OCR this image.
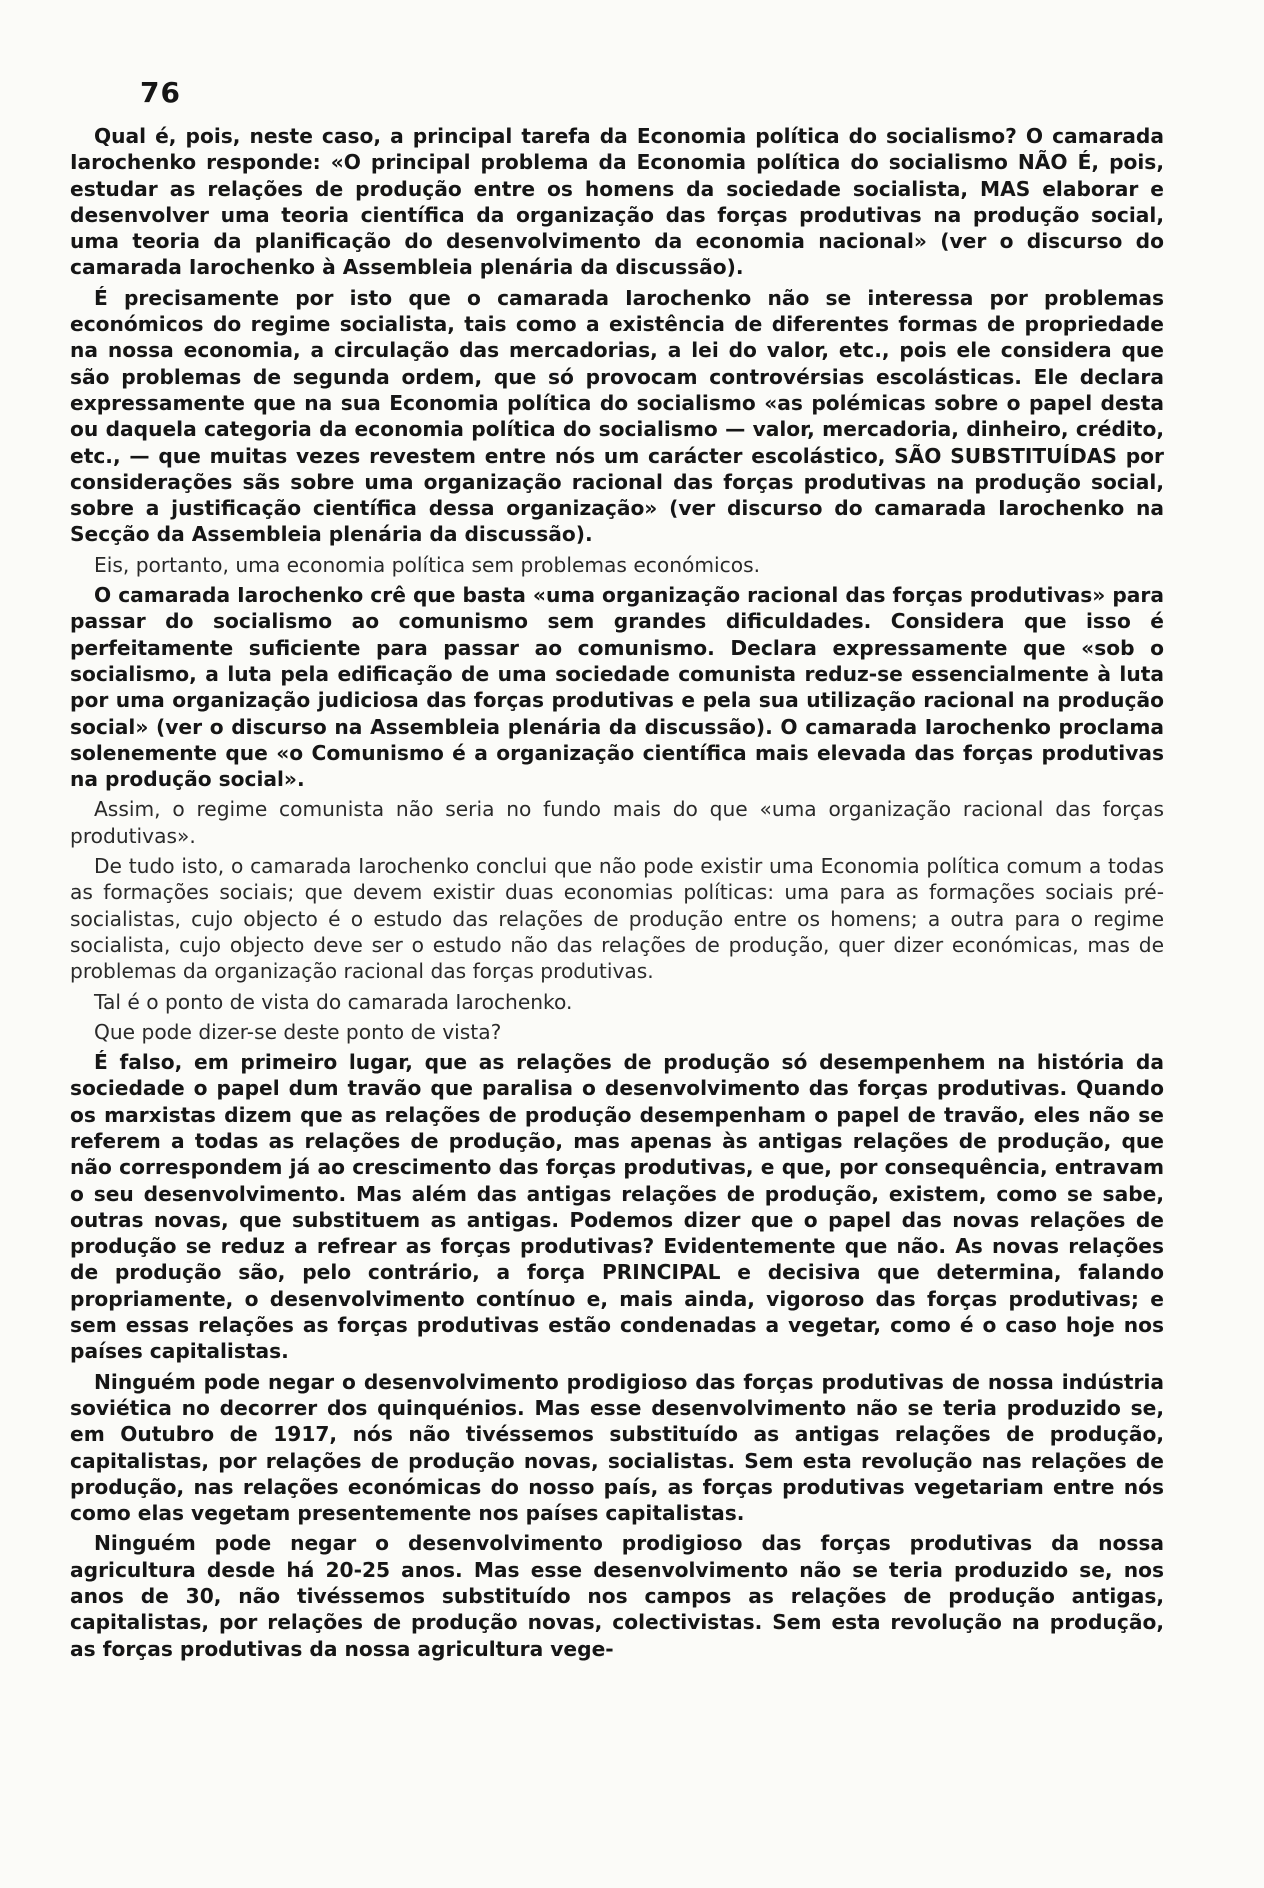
76

Qual é, pois, neste caso, a principal tarefa da Economia política do socialismo? O camarada Iarochenko responde: «O principal problema da Economia política do socialismo NÃO É, pois, estudar as relações de produção entre os homens da sociedade socialista, MAS elaborar e desenvolver uma teoria científica da organização das forças produtivas na produção social, uma teoria da planificação do desenvolvimento da economia nacional» (ver o discurso do camarada Iarochenko à Assembleia plenária da discussão).

É precisamente por isto que o camarada Iarochenko não se interessa por problemas económicos do regime socialista, tais como a existência de diferentes formas de propriedade na nossa economia, a circulação das mercadorias, a lei do valor, etc., pois ele considera que são problemas de segunda ordem, que só provocam controvérsias escolásticas. Ele declara expressamente que na sua Economia política do socialismo «as polémicas sobre o papel desta ou daquela categoria da economia política do socialismo — valor, mercadoria, dinheiro, crédito, etc., — que muitas vezes revestem entre nós um carácter escolástico, SÃO SUBSTITUÍDAS por considerações sãs sobre uma organização racional das forças produtivas na produção social, sobre a justificação científica dessa organização» (ver discurso do camarada Iarochenko na Secção da Assembleia plenária da discussão).

Eis, portanto, uma economia política sem problemas económicos.

O camarada Iarochenko crê que basta «uma organização racional das forças produtivas» para passar do socialismo ao comunismo sem grandes dificuldades. Considera que isso é perfeitamente suficiente para passar ao comunismo. Declara expressamente que «sob o socialismo, a luta pela edificação de uma sociedade comunista reduz-se essencialmente à luta por uma organização judiciosa das forças produtivas e pela sua utilização racional na produção social» (ver o discurso na Assembleia plenária da discussão). O camarada Iarochenko proclama solenemente que «o Comunismo é a organização científica mais elevada das forças produtivas na produção social».

Assim, o regime comunista não seria no fundo mais do que «uma organização racional das forças produtivas».

De tudo isto, o camarada Iarochenko conclui que não pode existir uma Economia política comum a todas as formações sociais; que devem existir duas economias políticas: uma para as formações sociais pré-socialistas, cujo objecto é o estudo das relações de produção entre os homens; a outra para o regime socialista, cujo objecto deve ser o estudo não das relações de produção, quer dizer económicas, mas de problemas da organização racional das forças produtivas.

Tal é o ponto de vista do camarada Iarochenko.

Que pode dizer-se deste ponto de vista?

É falso, em primeiro lugar, que as relações de produção só desempenhem na história da sociedade o papel dum travão que paralisa o desenvolvimento das forças produtivas. Quando os marxistas dizem que as relações de produção desempenham o papel de travão, eles não se referem a todas as relações de produção, mas apenas às antigas relações de produção, que não correspondem já ao crescimento das forças produtivas, e que, por consequência, entravam o seu desenvolvimento. Mas além das antigas relações de produção, existem, como se sabe, outras novas, que substituem as antigas. Podemos dizer que o papel das novas relações de produção se reduz a refrear as forças produtivas? Evidentemente que não. As novas relações de produção são, pelo contrário, a força PRINCIPAL e decisiva que determina, falando propriamente, o desenvolvimento contínuo e, mais ainda, vigoroso das forças produtivas; e sem essas relações as forças produtivas estão condenadas a vegetar, como é o caso hoje nos países capitalistas.

Ninguém pode negar o desenvolvimento prodigioso das forças produtivas de nossa indústria soviética no decorrer dos quinquénios. Mas esse desenvolvimento não se teria produzido se, em Outubro de 1917, nós não tivéssemos substituído as antigas relações de produção, capitalistas, por relações de produção novas, socialistas. Sem esta revolução nas relações de produção, nas relações económicas do nosso país, as forças produtivas vegetariam entre nós como elas vegetam presentemente nos países capitalistas.

Ninguém pode negar o desenvolvimento prodigioso das forças produtivas da nossa agricultura desde há 20-25 anos. Mas esse desenvolvimento não se teria produzido se, nos anos de 30, não tivéssemos substituído nos campos as relações de produção antigas, capitalistas, por relações de produção novas, colectivistas. Sem esta revolução na produção, as forças produtivas da nossa agricultura vege-
